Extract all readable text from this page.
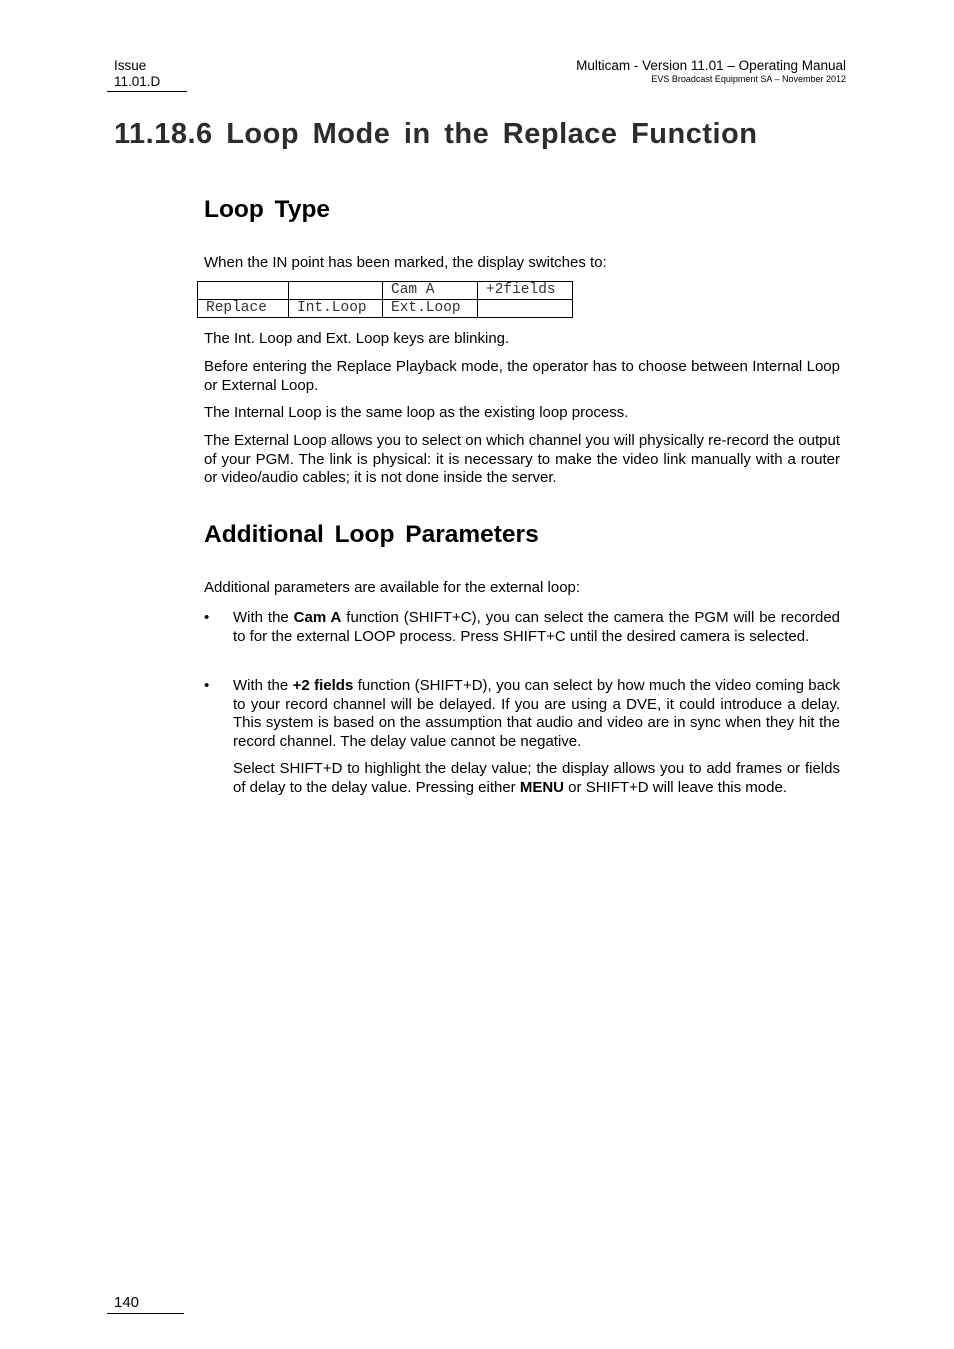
Issue
11.01.D
Multicam - Version 11.01 – Operating Manual
EVS Broadcast Equipment SA – November 2012
11.18.6 Loop Mode in the Replace Function
Loop Type

When the IN point has been marked, the display switches to:

		Cam A	+2fields
Replace	Int.Loop	Ext.Loop	

The Int. Loop and Ext. Loop keys are blinking.

Before entering the Replace Playback mode, the operator has to choose between Internal Loop or External Loop.

The Internal Loop is the same loop as the existing loop process.

The External Loop allows you to select on which channel you will physically re-record the output of your PGM. The link is physical: it is necessary to make the video link manually with a router or video/audio cables; it is not done inside the server.

Additional Loop Parameters

Additional parameters are available for the external loop:

• With the Cam A function (SHIFT+C), you can select the camera the PGM will be recorded to for the external LOOP process. Press SHIFT+C until the desired camera is selected.

• With the +2 fields function (SHIFT+D), you can select by how much the video coming back to your record channel will be delayed. If you are using a DVE, it could introduce a delay. This system is based on the assumption that audio and video are in sync when they hit the record channel. The delay value cannot be negative.

Select SHIFT+D to highlight the delay value; the display allows you to add frames or fields of delay to the delay value. Pressing either MENU or SHIFT+D will leave this mode.

140
